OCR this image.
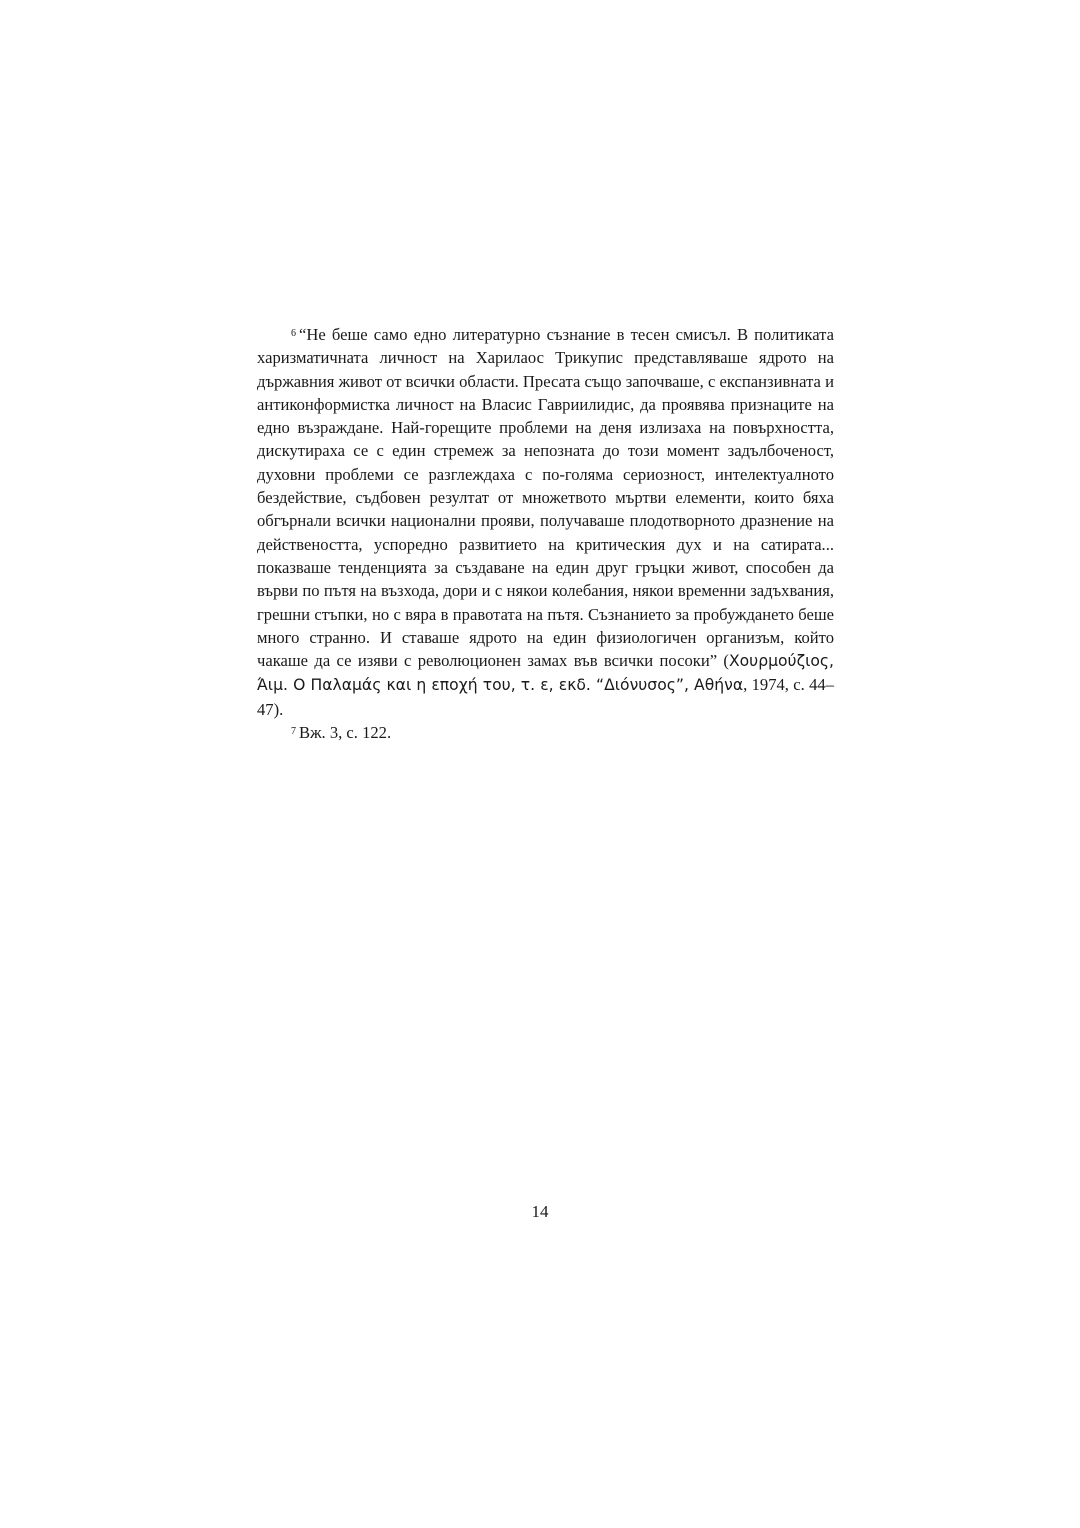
$^6$ “Не беше само едно литературно съзнание в тесен смисъл. В политиката харизматичната личност на Харилаос Трикупис представляваше ядрото на държавния живот от всички области. Пресата също започваше, с експанзивната и антиконформистка личност на Власис Гавриилидис, да проявява признаците на едно възраждане. Най-горещите проблеми на деня излизаха на повърхността, дискутираха се с един стремеж за непозната до този момент задълбоченост, духовни проблеми се разглеждаха с по-голяма сериозност, интелектуалното бездействие, съдбовен резултат от множетвото мъртви елементи, които бяха обгърнали всички национални прояви, получаваше плодотворното дразнение на действеността, успоредно развитието на критическия дух и на сатирата... показваше тенденцията за създаване на един друг гръцки живот, способен да върви по пътя на възхода, дори и с някои колебания, някои временни задъхвания, грешни стъпки, но с вяра в правотата на пътя. Съзнанието за пробуждането беше много странно. И ставаше ядрото на един физиологичен организъм, който чакаше да се изяви с революционен замах във всички посоки” (Χουρμούζιος, Άιμ. Ο Παλαμάς και η εποχή του, τ. ε, εκδ. “Διόνυσος”, Αθήνα, 1974, с. 44–47).

$^7$ Вж. 3, с. 122.

14
